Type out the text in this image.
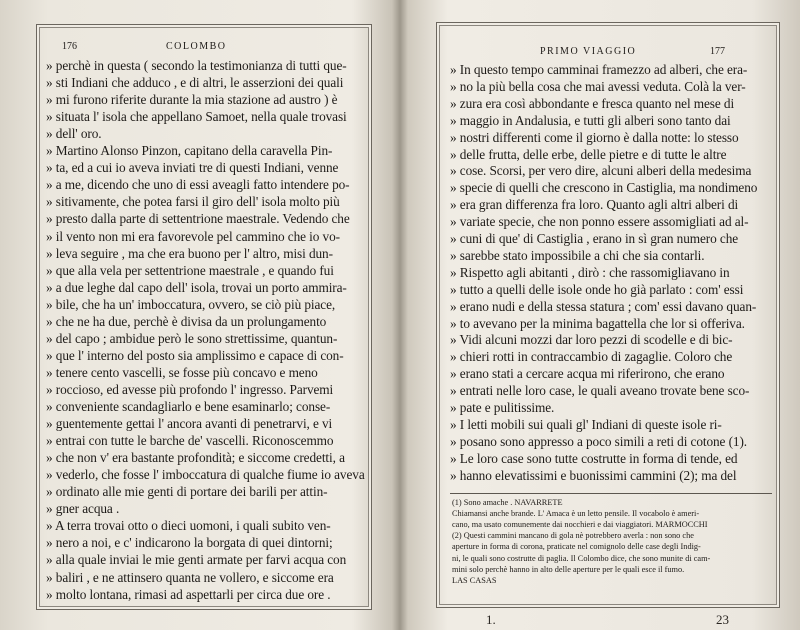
176	COLOMBO
» perchè in questa ( secondo la testimonianza di tutti que-
» sti Indiani che adduco , e di altri, le asserzioni dei quali
» mi furono riferite durante la mia stazione ad austro ) è
» situata l' isola che appellano Samoet, nella quale trovasi
» dell' oro.
» Martino Alonso Pinzon, capitano della caravella Pin-
» ta, ed a cui io aveva inviati tre di questi Indiani, venne
» a me, dicendo che uno di essi aveagli fatto intendere po-
» sitivamente, che potea farsi il giro dell' isola molto più
» presto dalla parte di settentrione maestrale. Vedendo che
» il vento non mi era favorevole pel cammino che io vo-
» leva seguire , ma che era buono per l' altro, misi dun-
» que alla vela per settentrione maestrale , e quando fui
» a due leghe dal capo dell' isola, trovai un porto ammira-
» bile, che ha un' imboccatura, ovvero, se ciò più piace,
» che ne ha due, perchè è divisa da un prolungamento
» del capo ; ambidue però le sono strettissime, quantun-
» que l' interno del posto sia amplissimo e capace di con-
» tenere cento vascelli, se fosse più concavo e meno
» roccioso, ed avesse più profondo l' ingresso. Parvemi
» conveniente scandagliarlo e bene esaminarlo; conse-
» guentemente gettai l' ancora avanti di penetrarvi, e vi
» entrai con tutte le barche de' vascelli. Riconoscemmo
» che non v' era bastante profondità; e siccome credetti, a
» vederlo, che fosse l' imboccatura di qualche fiume io aveva
» ordinato alle mie genti di portare dei barili per attin-
» gner acqua .
» A terra trovai otto o dieci uomoni, i quali subito ven-
» nero a noi, e c' indicarono la borgata di quei dintorni;
» alla quale inviai le mie genti armate per farvi acqua con
» baliri , e ne attinsero quanta ne vollero, e siccome era
» molto lontana, rimasi ad aspettarli per circa due ore .
PRIMO VIAGGIO	177
» In questo tempo camminai framezzo ad alberi, che era-
» no la più bella cosa che mai avessi veduta. Colà la ver-
» zura era così abbondante e fresca quanto nel mese di
» maggio in Andalusia, e tutti gli alberi sono tanto dai
» nostri differenti come il giorno è dalla notte: lo stesso
» delle frutta, delle erbe, delle pietre e di tutte le altre
» cose. Scorsi, per vero dire, alcuni alberi della medesima
» specie di quelli che crescono in Castiglia, ma nondimeno
» era gran differenza fra loro. Quanto agli altri alberi di
» variate specie, che non ponno essere assomigliati ad al-
» cuni di que' di Castiglia , erano in sì gran numero che
» sarebbe stato impossibile a chi che sia contarli.
» Rispetto agli abitanti , dirò : che rassomigliavano in
» tutto a quelli delle isole onde ho già parlato : com' essi
» erano nudi e della stessa statura ; com' essi davano quan-
» to avevano per la minima bagattella che lor si offeriva.
» Vidi alcuni mozzi dar loro pezzi di scodelle e di bic-
» chieri rotti in contraccambio di zagaglie. Coloro che
» erano stati a cercare acqua mi riferirono, che erano
» entrati nelle loro case, le quali aveano trovate bene sco-
» pate e pulitissime.
» I letti mobili sui quali gl' Indiani di queste isole ri-
» posano sono appresso a poco simili a reti di cotone (1).
» Le loro case sono tutte costrutte in forma di tende, ed
» hanno elevatissimi e buonissimi cammini (2); ma del
(1) Sono amache . NAVARRETE
Chiamansi anche brande. L' Amaca è un letto pensile. Il vocabolo è ameri-
cano, ma usato comunemente dai nocchieri e dai viaggiatori. MARMOCCHI
(2) Questi cammini mancano di gola nè potrebbero averla : non sono che
aperture in forma di corona, praticate nel comignolo delle case degli Indig-
ni, le quali sono costrutte di paglia. Il Colombo dice, che sono munite di cam-
mini solo perchè hanno in alto delle aperture per le quali esce il fumo.
LAS CASAS
1.	23
